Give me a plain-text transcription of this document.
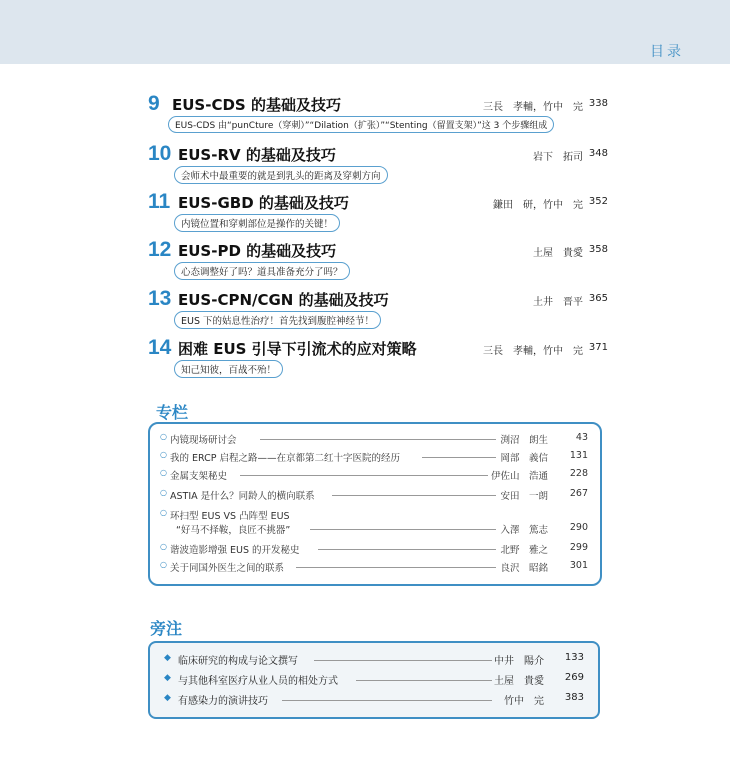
目录
9 EUS-CDS 的基础及技巧	三長　孝輔，竹中　完 338
EUS-CDS 由“punCture（穿刺）”“Dilation（扩张）”“Stenting（留置支架）”这 3 个步骤组成
10 EUS-RV 的基础及技巧	岩下　拓司 348
会师术中最重要的就是到乳头的距离及穿刺方向
11 EUS-GBD 的基础及技巧	鎌田　研，竹中　完 352
内镜位置和穿刺部位是操作的关键！
12 EUS-PD 的基础及技巧	土屋　貴愛 358
心态调整好了吗？道具准备充分了吗？
13 EUS-CPN/CGN 的基础及技巧	土井　晋平 365
EUS 下的姑息性治疗！首先找到腹腔神经节！
14 困难 EUS 引导下引流术的应对策略	三長　孝輔，竹中　完 371
知己知彼，百战不殆！
专栏
○ 内镜现场研讨会	渕沼　朗生	43
○ 我的 ERCP 启程之路——在京都第二红十字医院的经历	岡部　義信	131
○ 金属支架秘史	伊佐山　浩通	228
○ ASTIA 是什么？同龄人的横向联系	安田　一朗	267
○ 环扫型 EUS VS 凸阵型 EUS
“好马不择鞍，良匠不挑器”	入澤　篤志	290
○ 谐波造影增强 EUS 的开发秘史	北野　雅之	299
○ 关于同国外医生之间的联系	良沢　昭銘	301
旁注
◆ 临床研究的构成与论文撰写	中井　陽介	133
◆ 与其他科室医疗从业人员的相处方式	土屋　貴愛	269
◆ 有感染力的演讲技巧	竹中　完	383
